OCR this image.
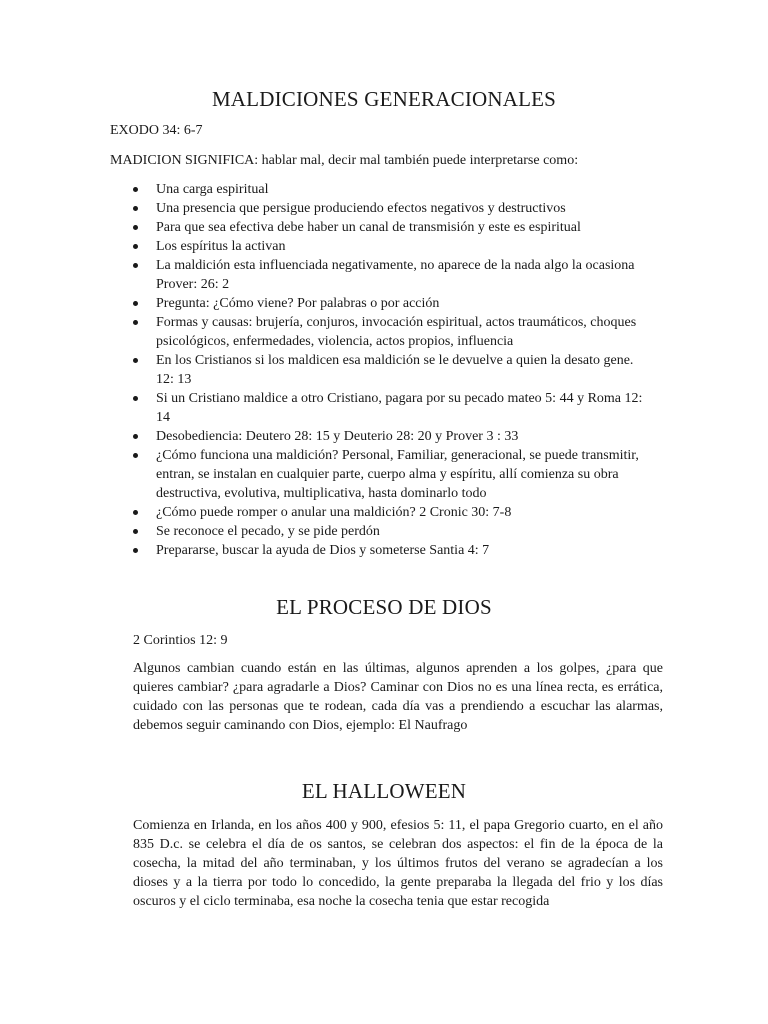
MALDICIONES GENERACIONALES

EXODO 34: 6-7

MADICION SIGNIFICA: hablar mal, decir mal también puede interpretarse como:

Una carga espiritual
Una presencia que persigue produciendo efectos negativos y destructivos
Para que sea efectiva debe haber un canal de transmisión y este es espiritual
Los espíritus la activan
La maldición esta influenciada negativamente, no aparece de la nada algo la ocasiona Prover: 26: 2
Pregunta: ¿Cómo viene? Por palabras o por acción
Formas y causas: brujería, conjuros, invocación espiritual, actos traumáticos, choques psicológicos, enfermedades, violencia, actos propios, influencia
En los Cristianos si los maldicen esa maldición se le devuelve a quien la desato gene. 12: 13
Si un Cristiano maldice a otro Cristiano, pagara por su pecado mateo 5: 44 y Roma 12: 14
Desobediencia: Deutero 28: 15 y Deuterio 28: 20 y Prover 3 : 33
¿Cómo funciona una maldición? Personal, Familiar, generacional, se puede transmitir, entran, se instalan en cualquier parte, cuerpo alma y espíritu, allí comienza su obra destructiva, evolutiva, multiplicativa, hasta dominarlo todo
¿Cómo puede romper o anular una maldición? 2 Cronic 30: 7-8
Se reconoce el pecado, y se pide perdón
Prepararse, buscar la ayuda de Dios y someterse Santia 4: 7
EL PROCESO DE DIOS

2 Corintios 12: 9

Algunos cambian cuando están en las últimas, algunos aprenden a los golpes, ¿para que quieres cambiar? ¿para agradarle a Dios? Caminar con Dios no es una línea recta, es errática, cuidado con las personas que te rodean, cada día vas a prendiendo a escuchar las alarmas, debemos seguir caminando con Dios, ejemplo: El Naufrago

EL HALLOWEEN

Comienza en Irlanda, en los años 400 y 900, efesios 5: 11, el papa Gregorio cuarto, en el año 835 D.c. se celebra el día de os santos, se celebran dos aspectos: el fin de la época de la cosecha, la mitad del año terminaban, y los últimos frutos del verano se agradecían a los dioses y a la tierra por todo lo concedido, la gente preparaba la llegada del frio y los días oscuros y el ciclo terminaba, esa noche la cosecha tenia que estar recogida
